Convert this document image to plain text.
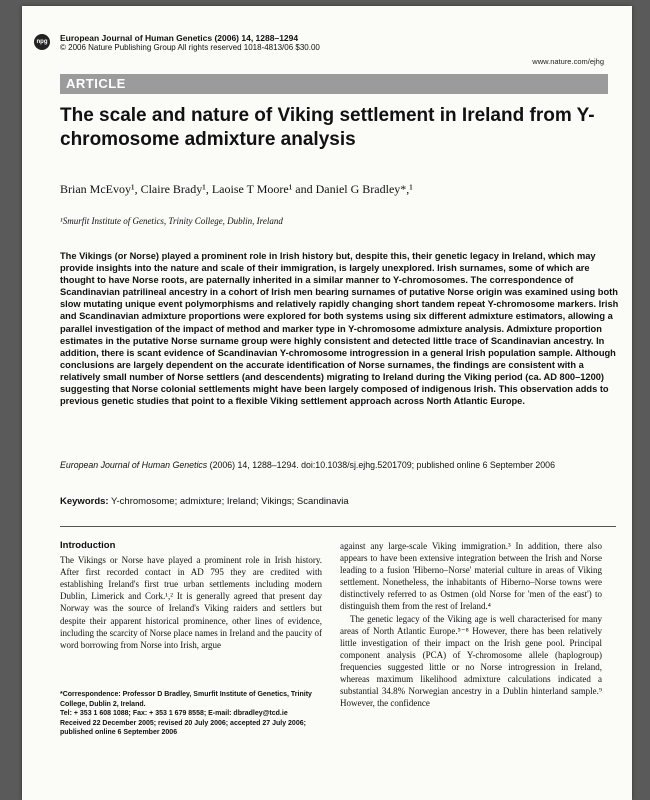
npg European Journal of Human Genetics (2006) 14, 1288–1294
© 2006 Nature Publishing Group All rights reserved 1018-4813/06 $30.00
www.nature.com/ejhg
ARTICLE
The scale and nature of Viking settlement in Ireland from Y-chromosome admixture analysis
Brian McEvoy¹, Claire Brady¹, Laoise T Moore¹ and Daniel G Bradley*,¹
¹Smurfit Institute of Genetics, Trinity College, Dublin, Ireland
The Vikings (or Norse) played a prominent role in Irish history but, despite this, their genetic legacy in Ireland, which may provide insights into the nature and scale of their immigration, is largely unexplored. Irish surnames, some of which are thought to have Norse roots, are paternally inherited in a similar manner to Y-chromosomes. The correspondence of Scandinavian patrilineal ancestry in a cohort of Irish men bearing surnames of putative Norse origin was examined using both slow mutating unique event polymorphisms and relatively rapidly changing short tandem repeat Y-chromosome markers. Irish and Scandinavian admixture proportions were explored for both systems using six different admixture estimators, allowing a parallel investigation of the impact of method and marker type in Y-chromosome admixture analysis. Admixture proportion estimates in the putative Norse surname group were highly consistent and detected little trace of Scandinavian ancestry. In addition, there is scant evidence of Scandinavian Y-chromosome introgression in a general Irish population sample. Although conclusions are largely dependent on the accurate identification of Norse surnames, the findings are consistent with a relatively small number of Norse settlers (and descendents) migrating to Ireland during the Viking period (ca. AD 800–1200) suggesting that Norse colonial settlements might have been largely composed of indigenous Irish. This observation adds to previous genetic studies that point to a flexible Viking settlement approach across North Atlantic Europe.
European Journal of Human Genetics (2006) 14, 1288–1294. doi:10.1038/sj.ejhg.5201709; published online 6 September 2006
Keywords: Y-chromosome; admixture; Ireland; Vikings; Scandinavia
Introduction

The Vikings or Norse have played a prominent role in Irish history. After first recorded contact in AD 795 they are credited with establishing Ireland's first true urban settlements including modern Dublin, Limerick and Cork.¹,² It is generally agreed that present day Norway was the source of Ireland's Viking raiders and settlers but despite their apparent historical prominence, other lines of evidence, including the scarcity of Norse place names in Ireland and the paucity of word borrowing from Norse into Irish, argue

*Correspondence: Professor D Bradley, Smurfit Institute of Genetics, Trinity College, Dublin 2, Ireland.
Tel: + 353 1 608 1088; Fax: + 353 1 679 8558; E-mail: dbradley@tcd.ie
Received 22 December 2005; revised 20 July 2006; accepted 27 July 2006; published online 6 September 2006

against any large-scale Viking immigration.³ In addition, there also appears to have been extensive integration between the Irish and Norse leading to a fusion 'Hiberno–Norse' material culture in areas of Viking settlement. Nonetheless, the inhabitants of Hiberno–Norse towns were distinctively referred to as Ostmen (old Norse for 'men of the east') to distinguish them from the rest of Ireland.⁴

The genetic legacy of the Viking age is well characterised for many areas of North Atlantic Europe.⁵⁻⁸ However, there has been relatively little investigation of their impact on the Irish gene pool. Principal component analysis (PCA) of Y-chromosome allele (haplogroup) frequencies suggested little or no Norse introgression in Ireland, whereas maximum likelihood admixture calculations indicated a substantial 34.8% Norwegian ancestry in a Dublin hinterland sample.⁹ However, the confidence
